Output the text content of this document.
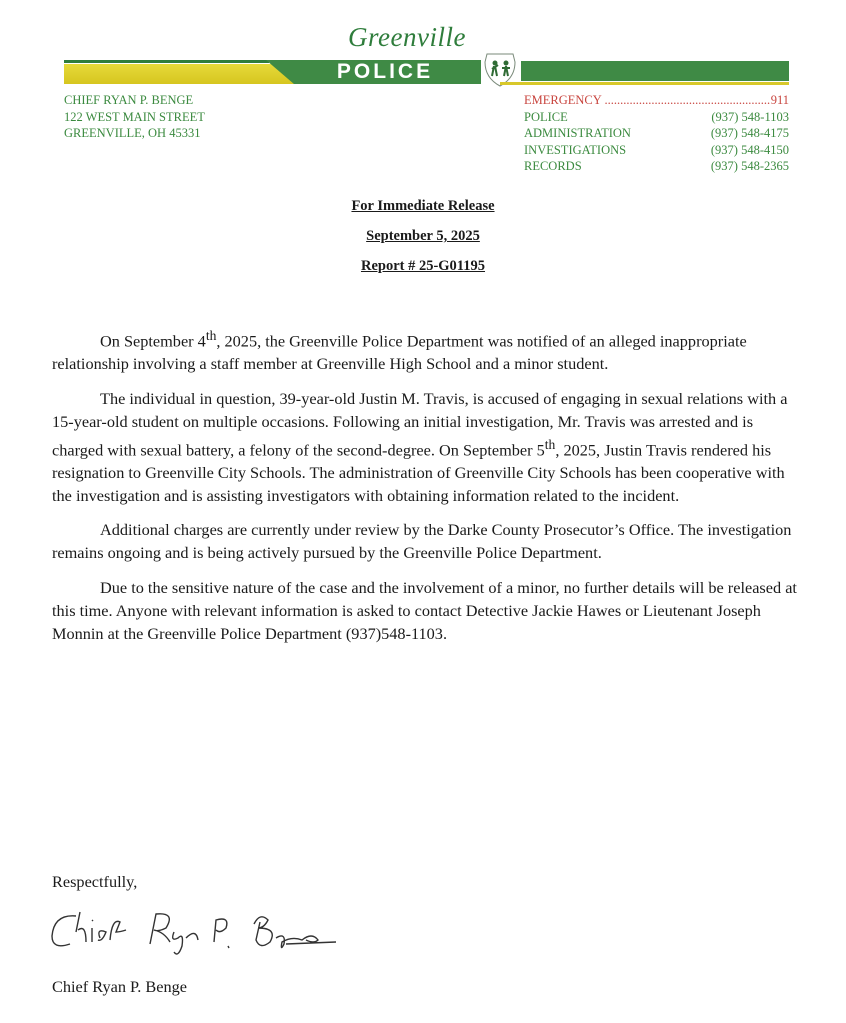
Greenville
POLICE
CHIEF RYAN P. BENGE
122 WEST MAIN STREET
GREENVILLE, OH 45331
EMERGENCY .....	911
POLICE	(937) 548-1103
ADMINISTRATION	(937) 548-4175
INVESTIGATIONS	(937) 548-4150
RECORDS	(937) 548-2365
For Immediate Release
September 5, 2025
Report # 25-G01195

On September 4th, 2025, the Greenville Police Department was notified of an alleged inappropriate relationship involving a staff member at Greenville High School and a minor student.

The individual in question, 39-year-old Justin M. Travis, is accused of engaging in sexual relations with a 15-year-old student on multiple occasions. Following an initial investigation, Mr. Travis was arrested and is charged with sexual battery, a felony of the second-degree. On September 5th, 2025, Justin Travis rendered his resignation to Greenville City Schools. The administration of Greenville City Schools has been cooperative with the investigation and is assisting investigators with obtaining information related to the incident.

Additional charges are currently under review by the Darke County Prosecutor’s Office. The investigation remains ongoing and is being actively pursued by the Greenville Police Department.

Due to the sensitive nature of the case and the involvement of a minor, no further details will be released at this time. Anyone with relevant information is asked to contact Detective Jackie Hawes or Lieutenant Joseph Monnin at the Greenville Police Department (937)548-1103.

Respectfully,
Chief Ryan P. Benge
